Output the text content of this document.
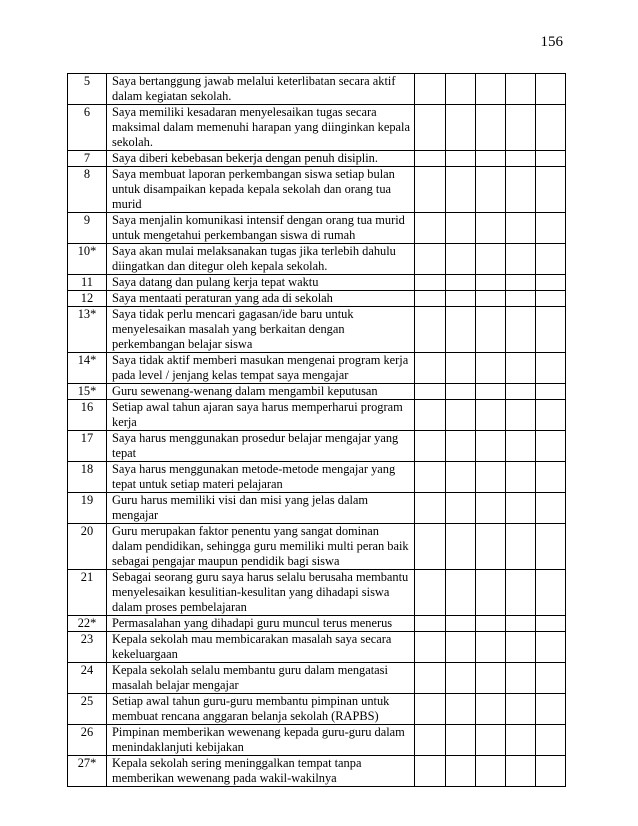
156
5	Saya bertanggung jawab melalui keterlibatan secara aktif dalam kegiatan sekolah.					
6	Saya memiliki kesadaran menyelesaikan tugas secara maksimal dalam memenuhi harapan yang diinginkan kepala sekolah.					
7	Saya diberi kebebasan bekerja dengan penuh disiplin.					
8	Saya membuat laporan perkembangan siswa setiap bulan untuk disampaikan kepada kepala sekolah dan orang tua murid					
9	Saya menjalin komunikasi intensif dengan orang tua murid untuk mengetahui perkembangan siswa di rumah					
10*	Saya akan mulai melaksanakan tugas jika terlebih dahulu diingatkan dan ditegur oleh kepala sekolah.					
11	Saya datang dan pulang kerja tepat waktu					
12	Saya mentaati peraturan yang ada di sekolah					
13*	Saya tidak perlu mencari gagasan/ide baru untuk menyelesaikan masalah yang berkaitan dengan perkembangan belajar siswa					
14*	Saya tidak aktif memberi masukan mengenai program kerja pada level / jenjang kelas tempat saya mengajar					
15*	Guru sewenang-wenang dalam mengambil keputusan					
16	Setiap awal tahun ajaran saya harus memperharui program kerja					
17	Saya harus menggunakan prosedur belajar mengajar yang tepat					
18	Saya harus menggunakan metode-metode mengajar yang tepat untuk setiap materi pelajaran					
19	Guru harus memiliki visi dan misi yang jelas dalam mengajar					
20	Guru merupakan faktor penentu yang sangat dominan dalam pendidikan, sehingga guru memiliki multi peran baik sebagai pengajar maupun pendidik bagi siswa					
21	Sebagai seorang guru saya harus selalu berusaha membantu menyelesaikan kesulitian-kesulitan yang dihadapi siswa dalam proses pembelajaran					
22*	Permasalahan yang dihadapi guru muncul terus menerus					
23	Kepala sekolah mau membicarakan masalah saya secara kekeluargaan					
24	Kepala sekolah selalu membantu guru dalam mengatasi masalah belajar mengajar					
25	Setiap awal tahun guru-guru membantu pimpinan untuk membuat rencana anggaran belanja sekolah (RAPBS)					
26	Pimpinan memberikan wewenang kepada guru-guru dalam menindaklanjuti kebijakan					
27*	Kepala sekolah sering meninggalkan tempat tanpa memberikan wewenang pada wakil-wakilnya					
